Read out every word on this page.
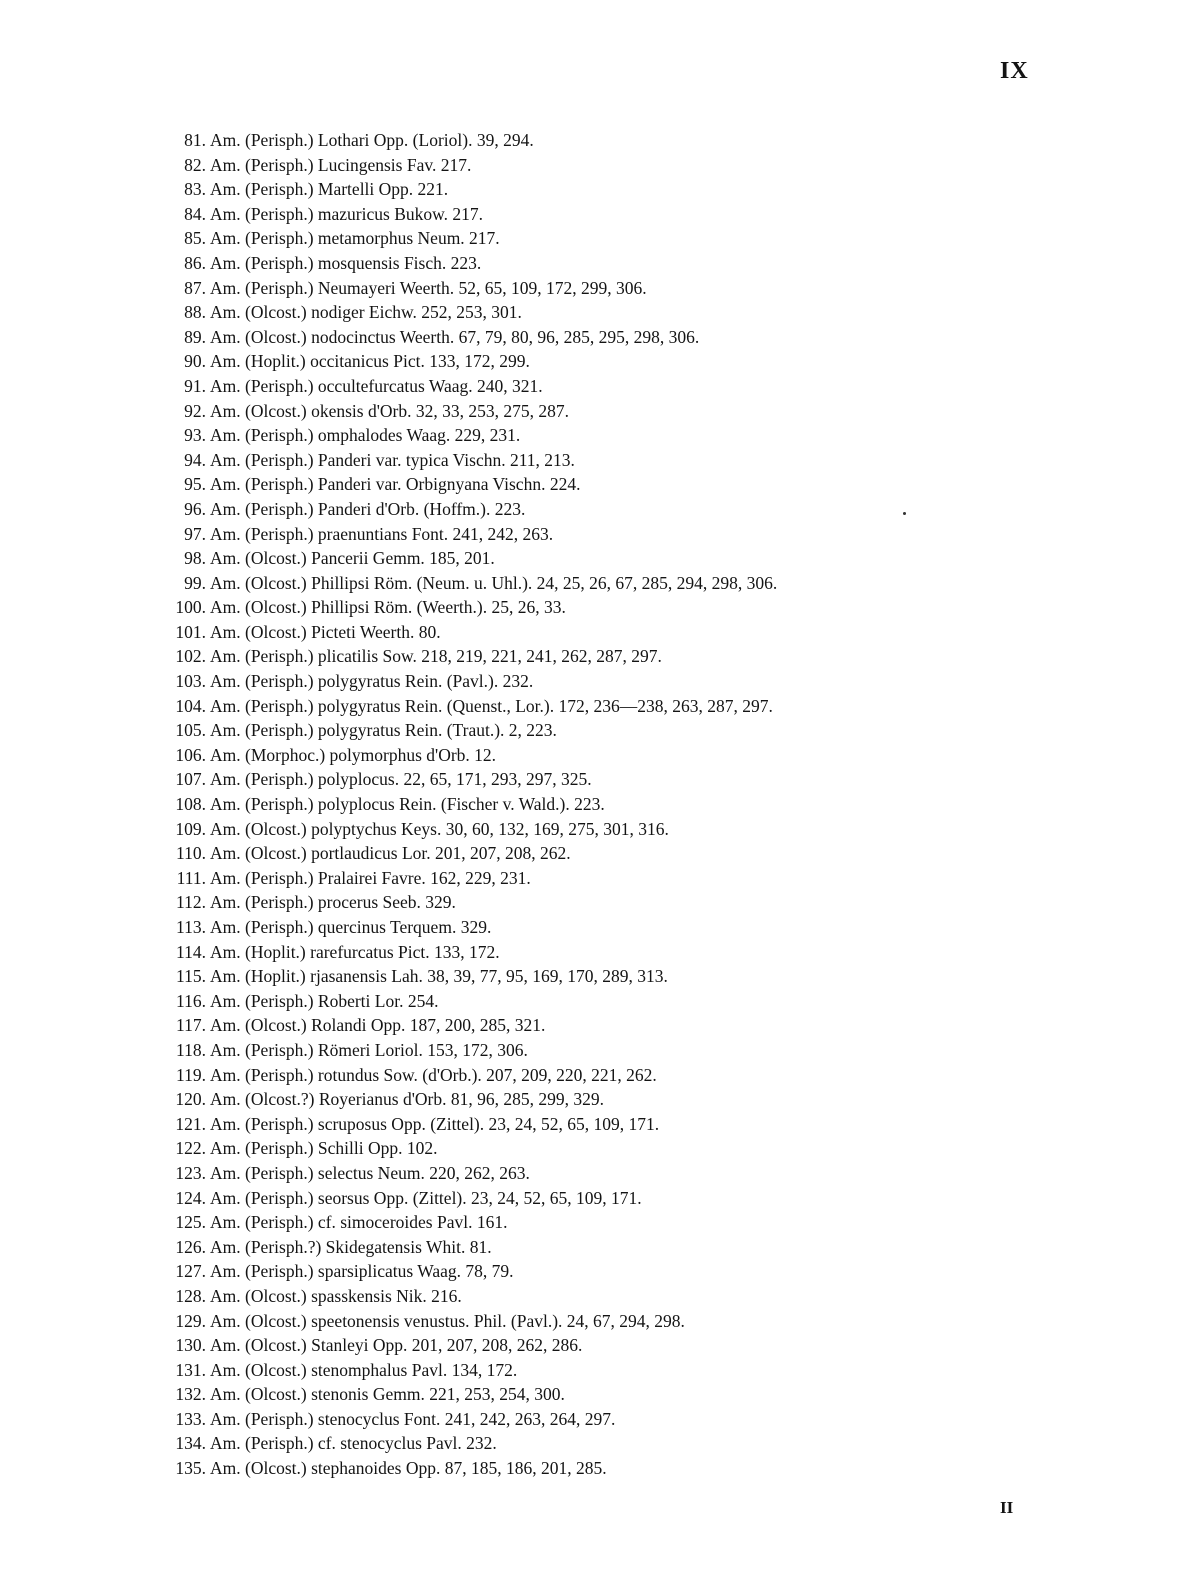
IX
81. Am. (Perisph.) Lothari Opp. (Loriol). 39, 294.
82. Am. (Perisph.) Lucingensis Fav. 217.
83. Am. (Perisph.) Martelli Opp. 221.
84. Am. (Perisph.) mazuricus Bukow. 217.
85. Am. (Perisph.) metamorphus Neum. 217.
86. Am. (Perisph.) mosquensis Fisch. 223.
87. Am. (Perisph.) Neumayeri Weerth. 52, 65, 109, 172, 299, 306.
88. Am. (Olcost.) nodiger Eichw. 252, 253, 301.
89. Am. (Olcost.) nodocinctus Weerth. 67, 79, 80, 96, 285, 295, 298, 306.
90. Am. (Hoplit.) occitanicus Pict. 133, 172, 299.
91. Am. (Perisph.) occultefurcatus Waag. 240, 321.
92. Am. (Olcost.) okensis d'Orb. 32, 33, 253, 275, 287.
93. Am. (Perisph.) omphalodes Waag. 229, 231.
94. Am. (Perisph.) Panderi var. typica Vischn. 211, 213.
95. Am. (Perisph.) Panderi var. Orbignyana Vischn. 224.
96. Am. (Perisph.) Panderi d'Orb. (Hoffm.). 223.
97. Am. (Perisph.) praenuntians Font. 241, 242, 263.
98. Am. (Olcost.) Pancerii Gemm. 185, 201.
99. Am. (Olcost.) Phillipsi Röm. (Neum. u. Uhl.). 24, 25, 26, 67, 285, 294, 298, 306.
100. Am. (Olcost.) Phillipsi Röm. (Weerth.). 25, 26, 33.
101. Am. (Olcost.) Picteti Weerth. 80.
102. Am. (Perisph.) plicatilis Sow. 218, 219, 221, 241, 262, 287, 297.
103. Am. (Perisph.) polygyratus Rein. (Pavl.). 232.
104. Am. (Perisph.) polygyratus Rein. (Quenst., Lor.). 172, 236—238, 263, 287, 297.
105. Am. (Perisph.) polygyratus Rein. (Traut.). 2, 223.
106. Am. (Morphoc.) polymorphus d'Orb. 12.
107. Am. (Perisph.) polyplocus. 22, 65, 171, 293, 297, 325.
108. Am. (Perisph.) polyplocus Rein. (Fischer v. Wald.). 223.
109. Am. (Olcost.) polyptychus Keys. 30, 60, 132, 169, 275, 301, 316.
110. Am. (Olcost.) portlaudicus Lor. 201, 207, 208, 262.
111. Am. (Perisph.) Pralairei Favre. 162, 229, 231.
112. Am. (Perisph.) procerus Seeb. 329.
113. Am. (Perisph.) quercinus Terquem. 329.
114. Am. (Hoplit.) rarefurcatus Pict. 133, 172.
115. Am. (Hoplit.) rjasanensis Lah. 38, 39, 77, 95, 169, 170, 289, 313.
116. Am. (Perisph.) Roberti Lor. 254.
117. Am. (Olcost.) Rolandi Opp. 187, 200, 285, 321.
118. Am. (Perisph.) Römeri Loriol. 153, 172, 306.
119. Am. (Perisph.) rotundus Sow. (d'Orb.). 207, 209, 220, 221, 262.
120. Am. (Olcost.?) Royerianus d'Orb. 81, 96, 285, 299, 329.
121. Am. (Perisph.) scruposus Opp. (Zittel). 23, 24, 52, 65, 109, 171.
122. Am. (Perisph.) Schilli Opp. 102.
123. Am. (Perisph.) selectus Neum. 220, 262, 263.
124. Am. (Perisph.) seorsus Opp. (Zittel). 23, 24, 52, 65, 109, 171.
125. Am. (Perisph.) cf. simoceroides Pavl. 161.
126. Am. (Perisph.?) Skidegatensis Whit. 81.
127. Am. (Perisph.) sparsiplicatus Waag. 78, 79.
128. Am. (Olcost.) spasskensis Nik. 216.
129. Am. (Olcost.) speetonensis venustus. Phil. (Pavl.). 24, 67, 294, 298.
130. Am. (Olcost.) Stanleyi Opp. 201, 207, 208, 262, 286.
131. Am. (Olcost.) stenomphalus Pavl. 134, 172.
132. Am. (Olcost.) stenonis Gemm. 221, 253, 254, 300.
133. Am. (Perisph.) stenocyclus Font. 241, 242, 263, 264, 297.
134. Am. (Perisph.) cf. stenocyclus Pavl. 232.
135. Am. (Olcost.) stephanoides Opp. 87, 185, 186, 201, 285.
II
